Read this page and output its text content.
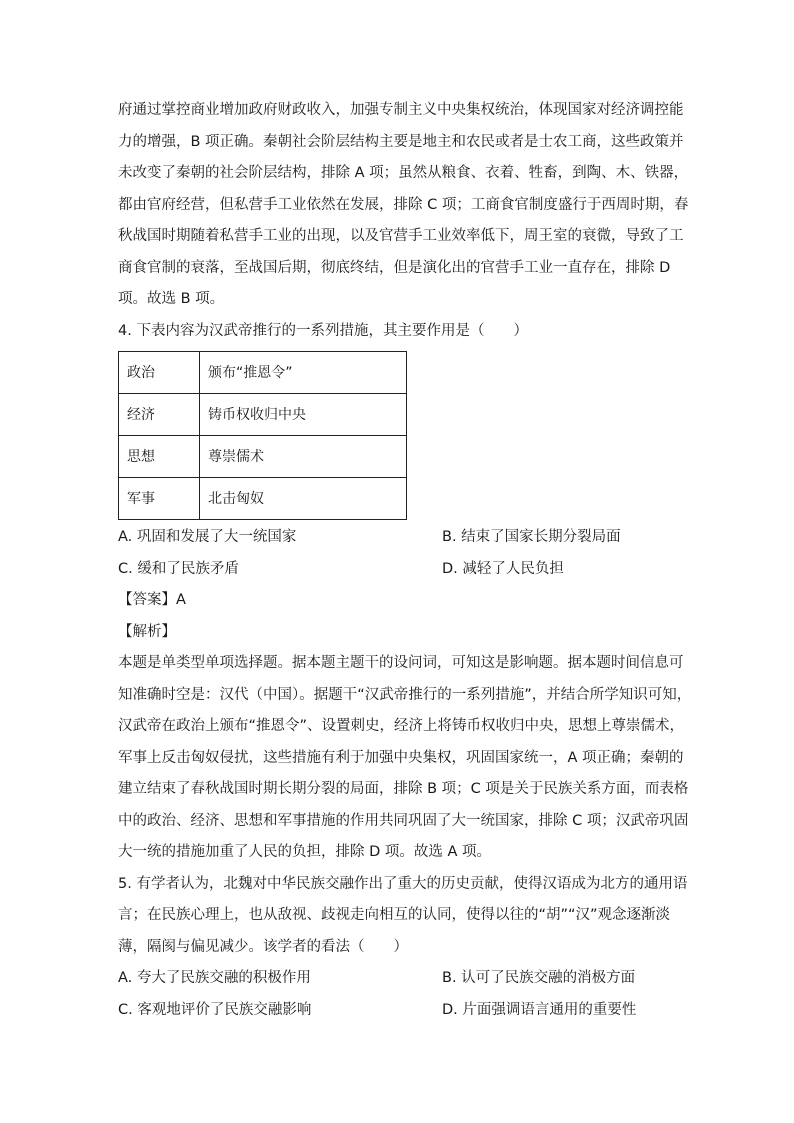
府通过掌控商业增加政府财政收入，加强专制主义中央集权统治，体现国家对经济调控能
力的增强，B 项正确。秦朝社会阶层结构主要是地主和农民或者是士农工商，这些政策并
未改变了秦朝的社会阶层结构，排除 A 项；虽然从粮食、衣着、牲畜，到陶、木、铁器，
都由官府经营，但私营手工业依然在发展，排除 C 项；工商食官制度盛行于西周时期，春
秋战国时期随着私营手工业的出现，以及官营手工业效率低下，周王室的衰微，导致了工
商食官制的衰落，至战国后期，彻底终结，但是演化出的官营手工业一直存在，排除 D
项。故选 B 项。
4. 下表内容为汉武帝推行的一系列措施，其主要作用是（　　）
政治	颁布“推恩令”
经济	铸币权收归中央
思想	尊崇儒术
军事	北击匈奴
A. 巩固和发展了大一统国家	B. 结束了国家长期分裂局面
C. 缓和了民族矛盾	D. 减轻了人民负担
【答案】A
【解析】
本题是单类型单项选择题。据本题主题干的设问词，可知这是影响题。据本题时间信息可
知准确时空是：汉代（中国）。据题干“汉武帝推行的一系列措施”，并结合所学知识可知，
汉武帝在政治上颁布“推恩令”、设置刺史，经济上将铸币权收归中央，思想上尊崇儒术，
军事上反击匈奴侵扰，这些措施有利于加强中央集权，巩固国家统一，A 项正确；秦朝的
建立结束了春秋战国时期长期分裂的局面，排除 B 项；C 项是关于民族关系方面，而表格
中的政治、经济、思想和军事措施的作用共同巩固了大一统国家，排除 C 项；汉武帝巩固
大一统的措施加重了人民的负担，排除 D 项。故选 A 项。
5. 有学者认为，北魏对中华民族交融作出了重大的历史贡献，使得汉语成为北方的通用语
言；在民族心理上，也从敌视、歧视走向相互的认同，使得以往的“胡”“汉”观念逐渐淡
薄，隔阂与偏见减少。该学者的看法（　　）
A. 夸大了民族交融的积极作用	B. 认可了民族交融的消极方面
C. 客观地评价了民族交融影响	D. 片面强调语言通用的重要性
